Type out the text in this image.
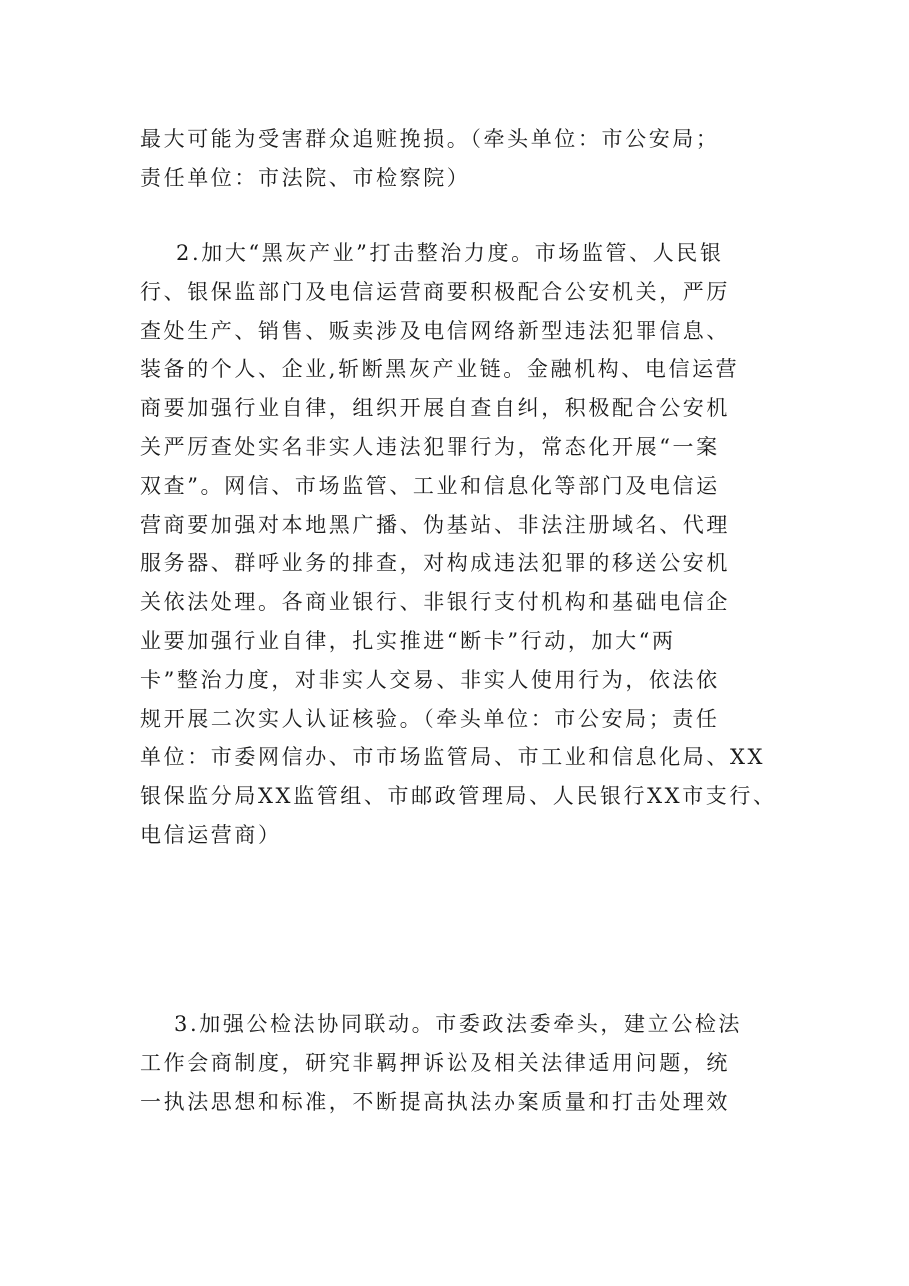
最大可能为受害群众追赃挽损。（牵头单位：市公安局；
责任单位：市法院、市检察院）
2.加大“黑灰产业”打击整治力度。市场监管、人民银
行、银保监部门及电信运营商要积极配合公安机关，严厉
查处生产、销售、贩卖涉及电信网络新型违法犯罪信息、
装备的个人、企业,斩断黑灰产业链。金融机构、电信运营
商要加强行业自律，组织开展自查自纠，积极配合公安机
关严厉查处实名非实人违法犯罪行为，常态化开展“一案
双查”。网信、市场监管、工业和信息化等部门及电信运
营商要加强对本地黑广播、伪基站、非法注册域名、代理
服务器、群呼业务的排查，对构成违法犯罪的移送公安机
关依法处理。各商业银行、非银行支付机构和基础电信企
业要加强行业自律，扎实推进“断卡”行动，加大“两
卡”整治力度，对非实人交易、非实人使用行为，依法依
规开展二次实人认证核验。（牵头单位：市公安局；责任
单位：市委网信办、市市场监管局、市工业和信息化局、XX
银保监分局XX监管组、市邮政管理局、人民银行XX市支行、
电信运营商）
3.加强公检法协同联动。市委政法委牵头，建立公检法
工作会商制度，研究非羁押诉讼及相关法律适用问题，统
一执法思想和标准，不断提高执法办案质量和打击处理效
